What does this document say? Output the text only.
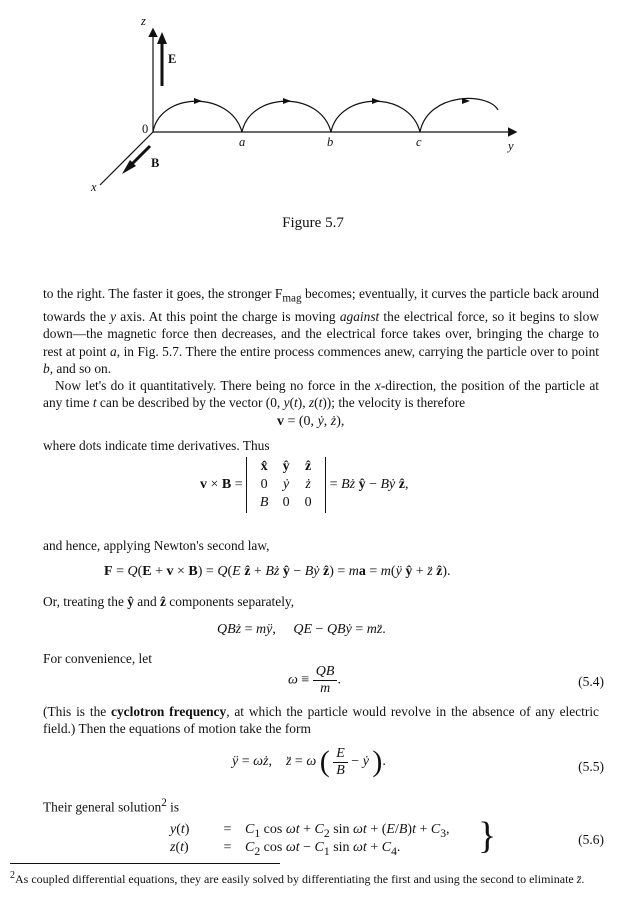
z
E
0
a	b	c	y
B
x
Figure 5.7

to the right. The faster it goes, the stronger $F_{mag}$ becomes; eventually, it curves the particle back around towards the y axis. At this point the charge is moving against the electrical force, so it begins to slow down—the magnetic force then decreases, and the electrical force takes over, bringing the charge to rest at point a, in Fig. 5.7. There the entire process commences anew, carrying the particle over to point b, and so on.

Now let's do it quantitatively. There being no force in the x-direction, the position of the particle at any time t can be described by the vector (0, y(t), z(t)); the velocity is therefore

v = (0, ẏ, ż),

where dots indicate time derivatives. Thus

v × B =
x̂	ŷ	ẑ
0	ẏ	ż
B	0	0
= Bż ŷ − Bẏ ẑ,

and hence, applying Newton's second law,

F = Q(E + v × B) = Q(E ẑ + Bż ŷ − Bẏ ẑ) = ma = m(ÿ ŷ + z̈ ẑ).

Or, treating the ŷ and ẑ components separately,

QBż = mÿ,     QE − QBẏ = mz̈.

For convenience, let

$\omega \equiv \frac{QB}{m}$ .	(5.4)

(This is the cyclotron frequency, at which the particle would revolve in the absence of any electric field.) Then the equations of motion take the form

ÿ = ωż,    z̈ = ω ( $\frac{E}{B}$ − ẏ ).	(5.5)

Their general solution$^2$ is

$y(t) = C_1$ $\cos \omega t + C_2$ $\sin \omega t + (E/B)t + C_3$,
$z(t) = C_2$ $\cos \omega t - C_1$ $\sin \omega t + C_4$. }	(5.6)
$^2$As coupled differential equations, they are easily solved by differentiating the first and using the second to eliminate z̈.
